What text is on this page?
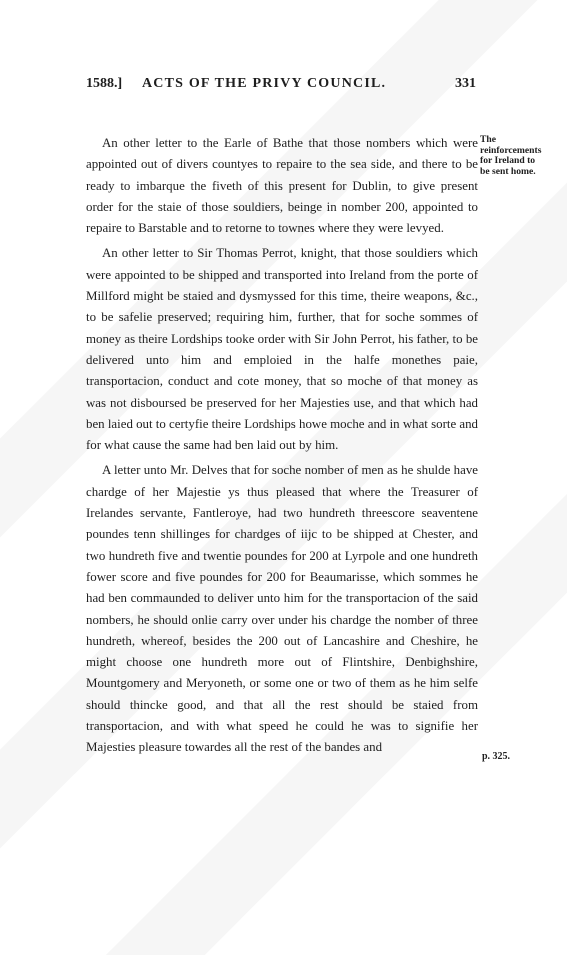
1588.] ACTS OF THE PRIVY COUNCIL.	331
The reinforcements for Ireland to be sent home.

An other letter to the Earle of Bathe that those nombers which were appointed out of divers countyes to repaire to the sea side, and there to be ready to imbarque the fiveth of this present for Dublin, to give present order for the staie of those souldiers, beinge in nomber 200, appointed to repaire to Barstable and to retorne to townes where they were levyed.

An other letter to Sir Thomas Perrot, knight, that those souldiers which were appointed to be shipped and transported into Ireland from the porte of Millford might be staied and dysmyssed for this time, theire weapons, &c., to be safelie preserved; requiring him, further, that for soche sommes of money as theire Lordships tooke order with Sir John Perrot, his father, to be delivered unto him and emploied in the halfe monethes paie, transportacion, conduct and cote money, that so moche of that money as was not disboursed be preserved for her Majesties use, and that which had ben laied out to certyfie theire Lordships howe moche and in what sorte and for what cause the same had ben laid out by him.

A letter unto Mr. Delves that for soche nomber of men as he shulde have chardge of her Majestie ys thus pleased that where the Treasurer of Irelandes servante, Fantleroye, had two hundreth threescore seaventene poundes tenn shillinges for chardges of iijc to be shipped at Chester, and two hundreth five and twentie poundes for 200 at Lyrpole and one hundreth fower score and five poundes for 200 for Beaumarisse, which sommes he had ben commaunded to deliver unto him for the transportacion of the said nombers, he should onlie carry over under his chardge the nomber of three hundreth, whereof, besides the 200 out of Lancashire and Cheshire, he might choose one hundreth more out of Flintshire, Denbighshire, Mountgomery and Meryoneth, or some one or two of them as he him selfe should thincke good, and that all the rest should be staied from transportacion, and with what speed he could he was to signifie her Majesties pleasure towardes all the rest of the bandes and

p. 325.
